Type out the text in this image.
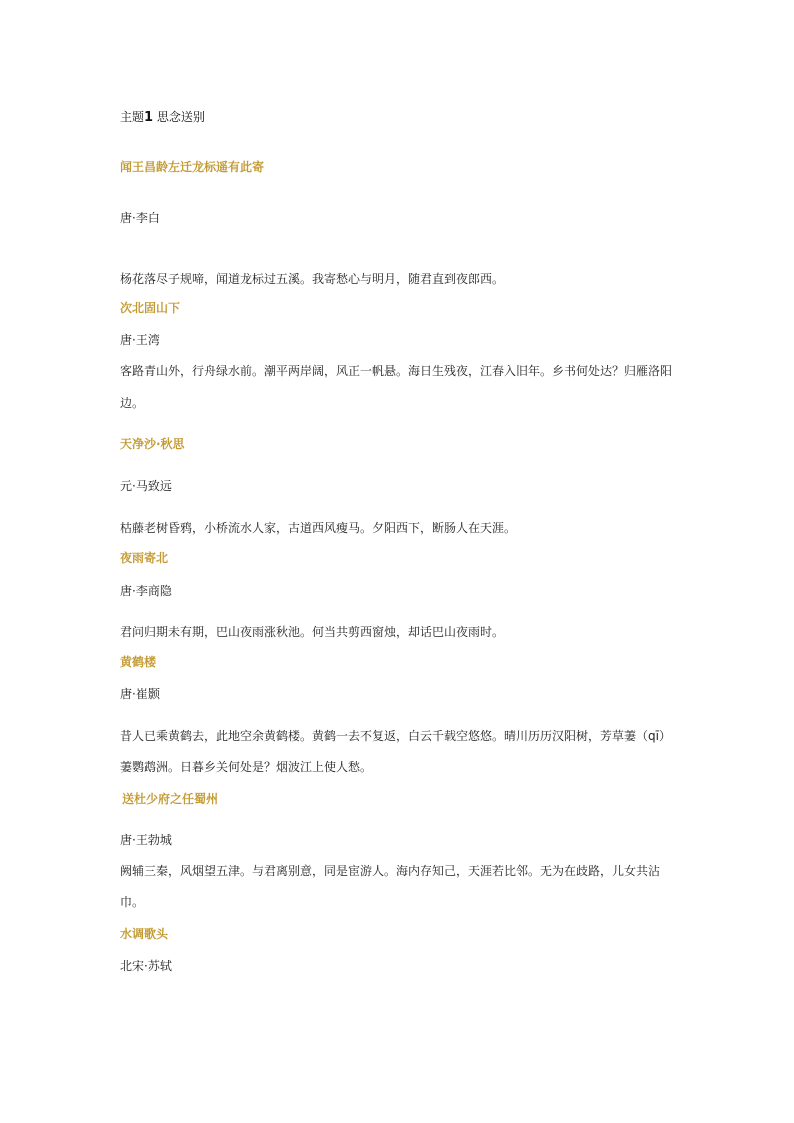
主题1 思念送别

闻王昌龄左迁龙标遥有此寄

唐·李白

杨花落尽子规啼，闻道龙标过五溪。我寄愁心与明月，随君直到夜郎西。

次北固山下

唐·王湾

客路青山外，行舟绿水前。潮平两岸阔，风正一帆悬。海日生残夜，江春入旧年。乡书何处达？归雁洛阳

边。

天净沙·秋思

元·马致远

枯藤老树昏鸦，小桥流水人家，古道西风瘦马。夕阳西下，断肠人在天涯。

夜雨寄北

唐·李商隐

君问归期未有期，巴山夜雨涨秋池。何当共剪西窗烛，却话巴山夜雨时。

黄鹤楼

唐·崔颢

昔人已乘黄鹤去，此地空余黄鹤楼。黄鹤一去不复返，白云千载空悠悠。晴川历历汉阳树，芳草萋（qī）

萋鹦鹉洲。日暮乡关何处是？烟波江上使人愁。

送杜少府之任蜀州

唐·王勃城

阙辅三秦，风烟望五津。与君离别意，同是宦游人。海内存知己，天涯若比邻。无为在歧路，儿女共沾

巾。

水调歌头

北宋·苏轼
